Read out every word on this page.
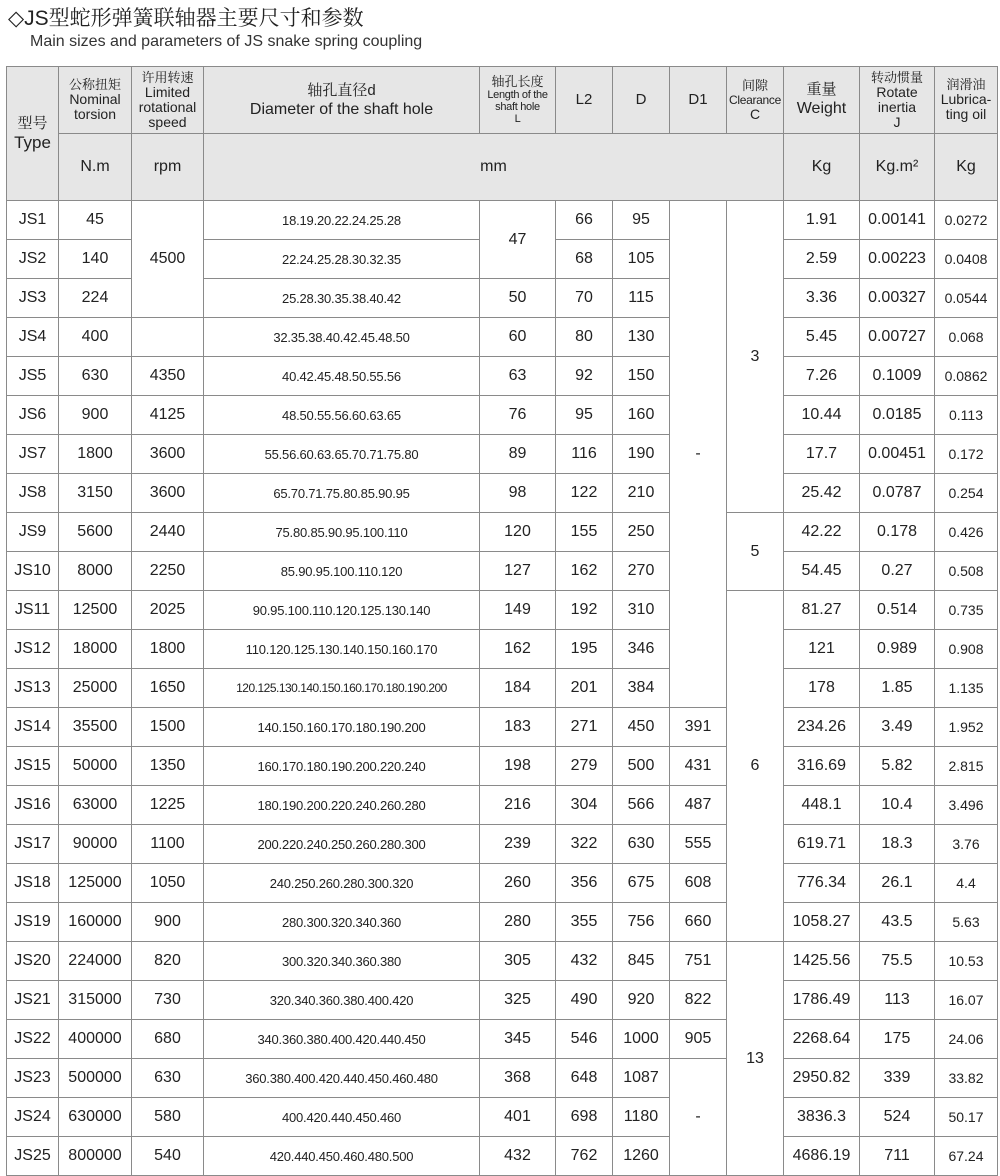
◇JS型蛇形弹簧联轴器主要尺寸和参数
Main sizes and parameters of JS snake spring coupling
型号
Type	公称扭矩
Nominal
torsion	许用转速
Limited
rotational
speed	轴孔直径d
Diameter of the shaft hole	轴孔长度
Length of the
shaft hole
L	L2	D	D1	间隙
Clearance
C	重量
Weight	转动惯量
Rotate
inertia
J	润滑油
Lubrica-
ting oil

	N.m	rpm	mm						Kg	Kg.m²	Kg
JS1	45	4500	18.19.20.22.24.25.28	47	66	95	-	3	1.91	0.00141	0.0272
JS2	140		22.24.25.28.30.32.35		68	105			2.59	0.00223	0.0408
JS3	224		25.28.30.35.38.40.42	50	70	115			3.36	0.00327	0.0544
JS4	400		32.35.38.40.42.45.48.50	60	80	130			5.45	0.00727	0.068
JS5	630	4350	40.42.45.48.50.55.56	63	92	150			7.26	0.1009	0.0862
JS6	900	4125	48.50.55.56.60.63.65	76	95	160			10.44	0.0185	0.113
JS7	1800	3600	55.56.60.63.65.70.71.75.80	89	116	190			17.7	0.00451	0.172
JS8	3150	3600	65.70.71.75.80.85.90.95	98	122	210			25.42	0.0787	0.254
JS9	5600	2440	75.80.85.90.95.100.110	120	155	250		5	42.22	0.178	0.426
JS10	8000	2250	85.90.95.100.110.120	127	162	270			54.45	0.27	0.508
JS11	12500	2025	90.95.100.110.120.125.130.140	149	192	310		6	81.27	0.514	0.735
JS12	18000	1800	110.120.125.130.140.150.160.170	162	195	346			121	0.989	0.908
JS13	25000	1650	120.125.130.140.150.160.170.180.190.200	184	201	384			178	1.85	1.135
JS14	35500	1500	140.150.160.170.180.190.200	183	271	450	391		234.26	3.49	1.952
JS15	50000	1350	160.170.180.190.200.220.240	198	279	500	431		316.69	5.82	2.815
JS16	63000	1225	180.190.200.220.240.260.280	216	304	566	487		448.1	10.4	3.496
JS17	90000	1100	200.220.240.250.260.280.300	239	322	630	555		619.71	18.3	3.76
JS18	125000	1050	240.250.260.280.300.320	260	356	675	608		776.34	26.1	4.4
JS19	160000	900	280.300.320.340.360	280	355	756	660		1058.27	43.5	5.63
JS20	224000	820	300.320.340.360.380	305	432	845	751	13	1425.56	75.5	10.53
JS21	315000	730	320.340.360.380.400.420	325	490	920	822		1786.49	113	16.07
JS22	400000	680	340.360.380.400.420.440.450	345	546	1000	905		2268.64	175	24.06
JS23	500000	630	360.380.400.420.440.450.460.480	368	648	1087	-		2950.82	339	33.82
JS24	630000	580	400.420.440.450.460	401	698	1180			3836.3	524	50.17
JS25	800000	540	420.440.450.460.480.500	432	762	1260			4686.19	711	67.24
